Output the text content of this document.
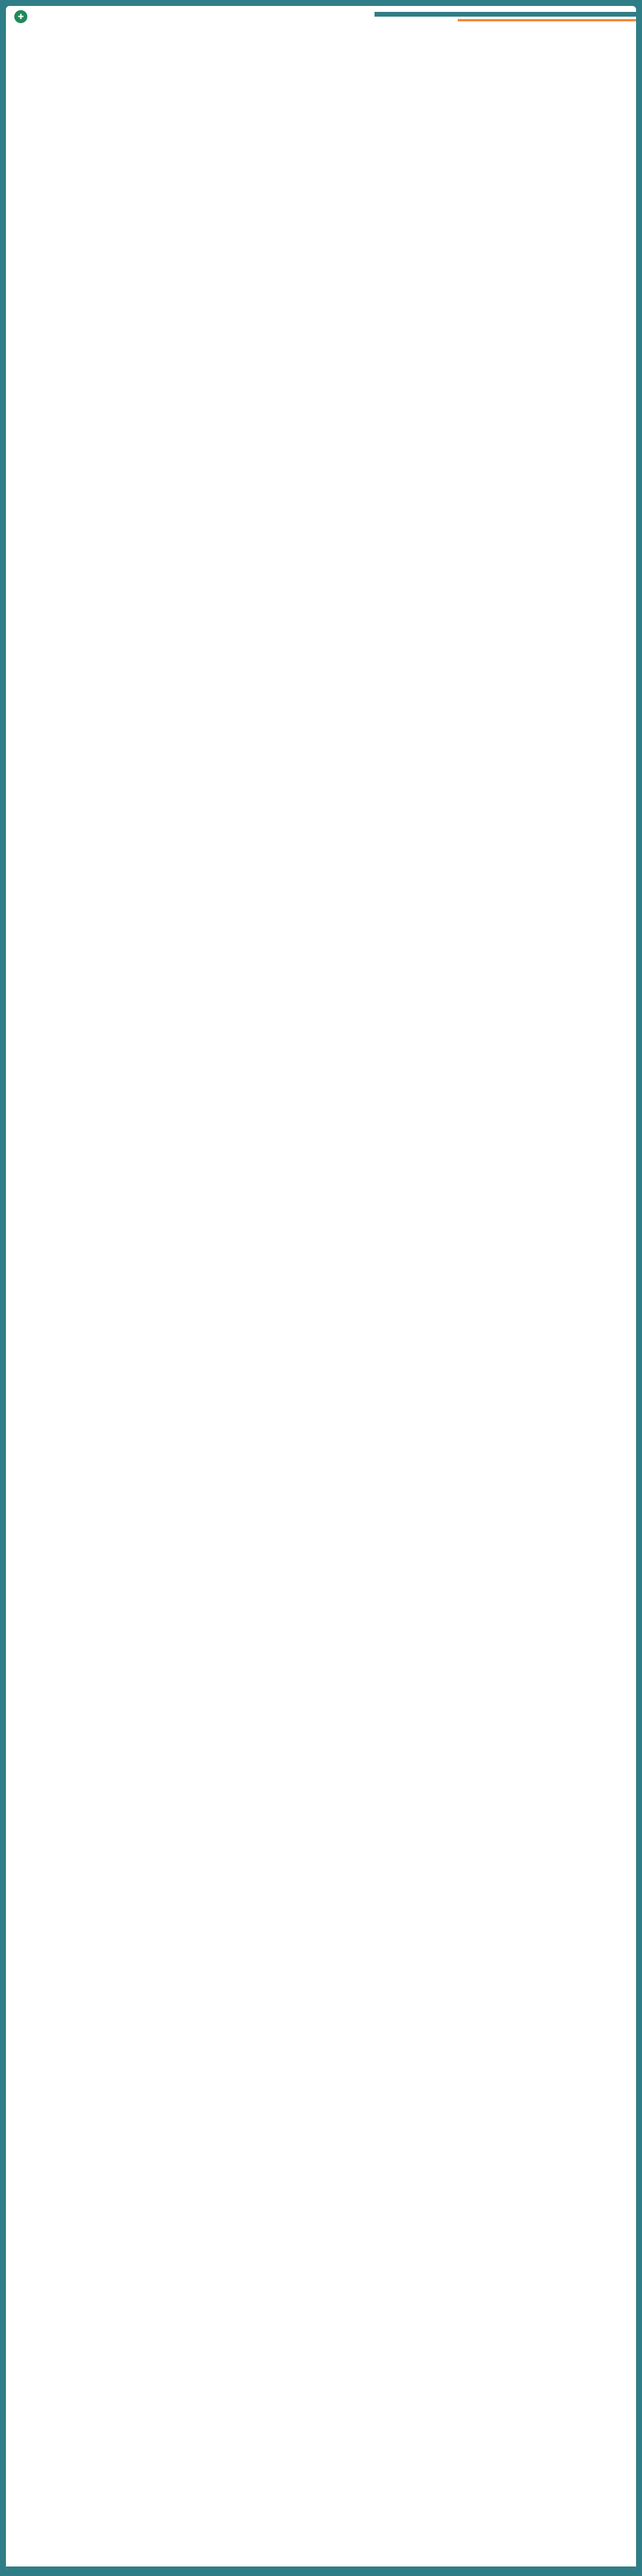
✚
